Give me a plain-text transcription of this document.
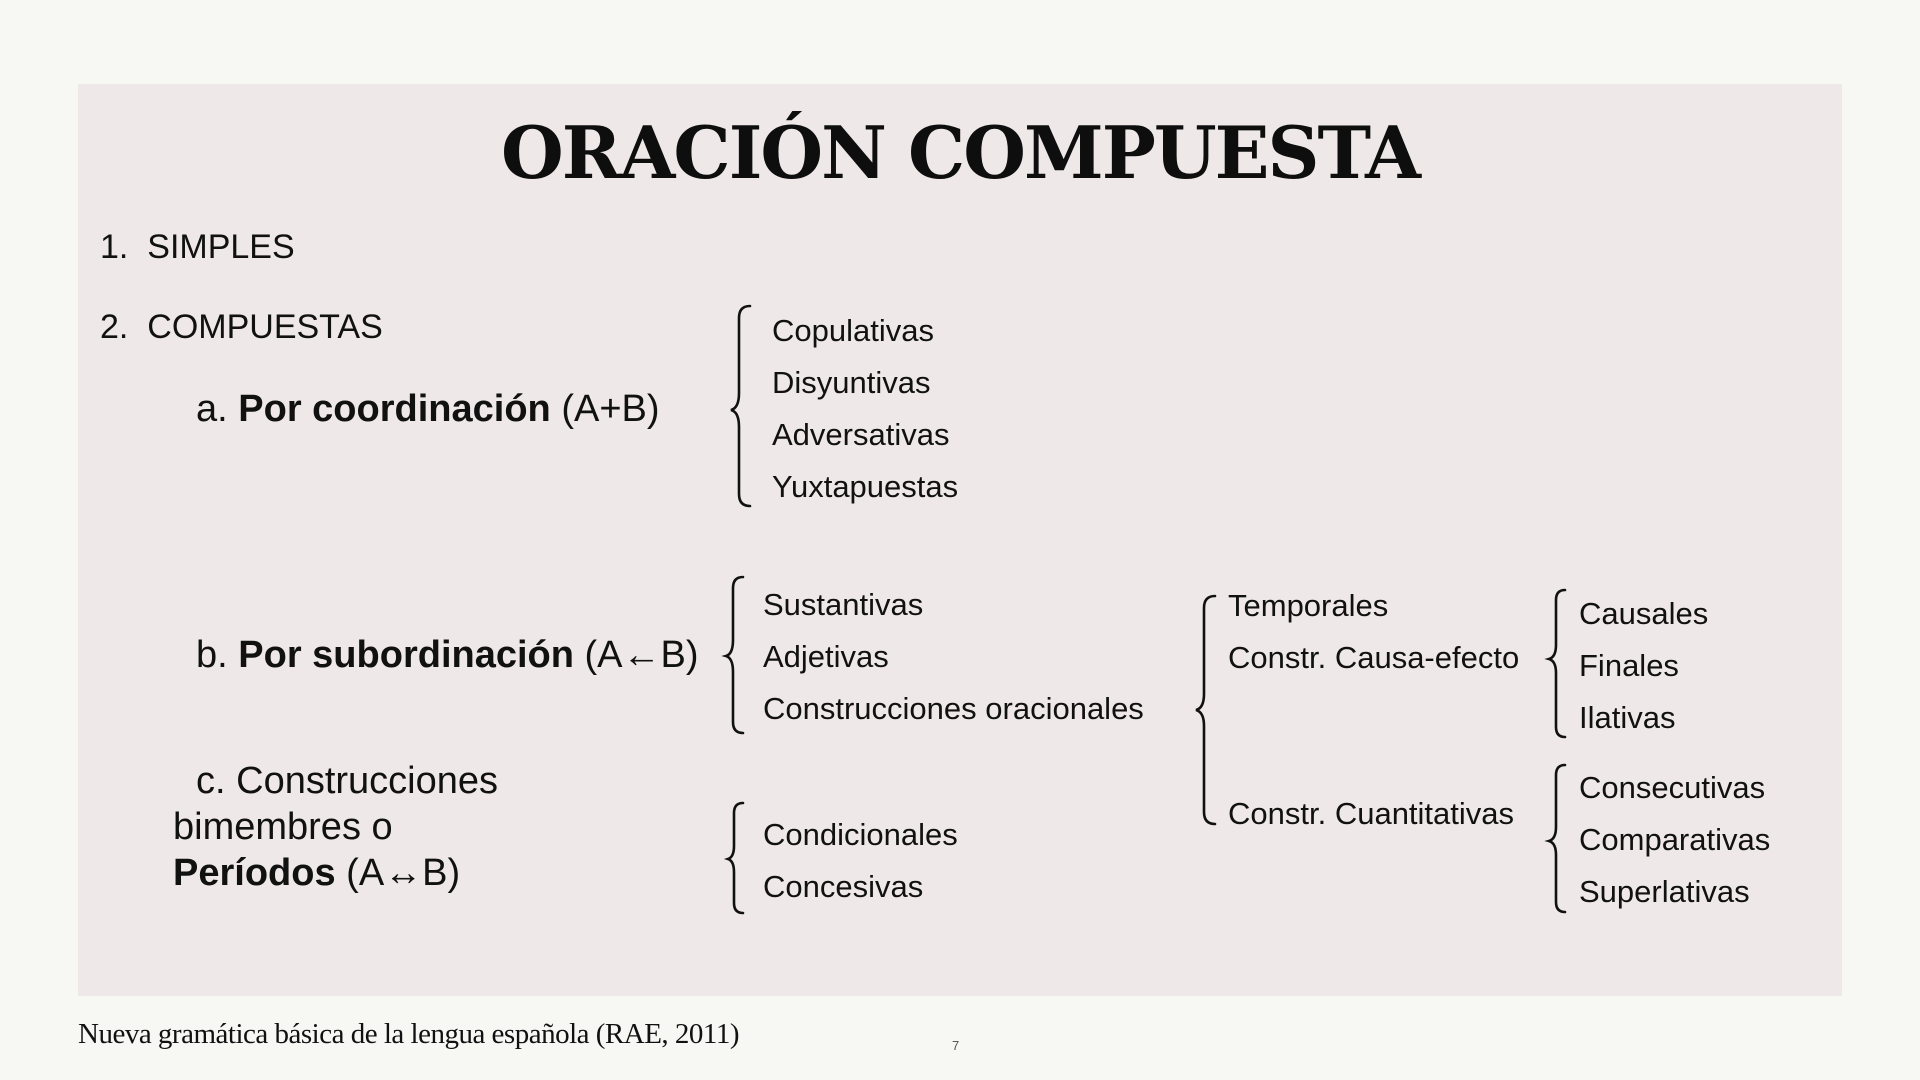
ORACIÓN COMPUESTA
1. SIMPLES
2. COMPUESTAS
a. Por coordinación (A+B)
b. Por subordinación (A←B)
c. Construcciones
bimembres o
Períodos (A↔B)
Copulativas
Disyuntivas
Adversativas
Yuxtapuestas
Sustantivas
Adjetivas
Construcciones oracionales
Temporales
Constr. Causa-efecto
Constr. Cuantitativas
Causales
Finales
Ilativas
Consecutivas
Comparativas
Superlativas
Condicionales
Concesivas
Nueva gramática básica de la lengua española (RAE, 2011)	7
